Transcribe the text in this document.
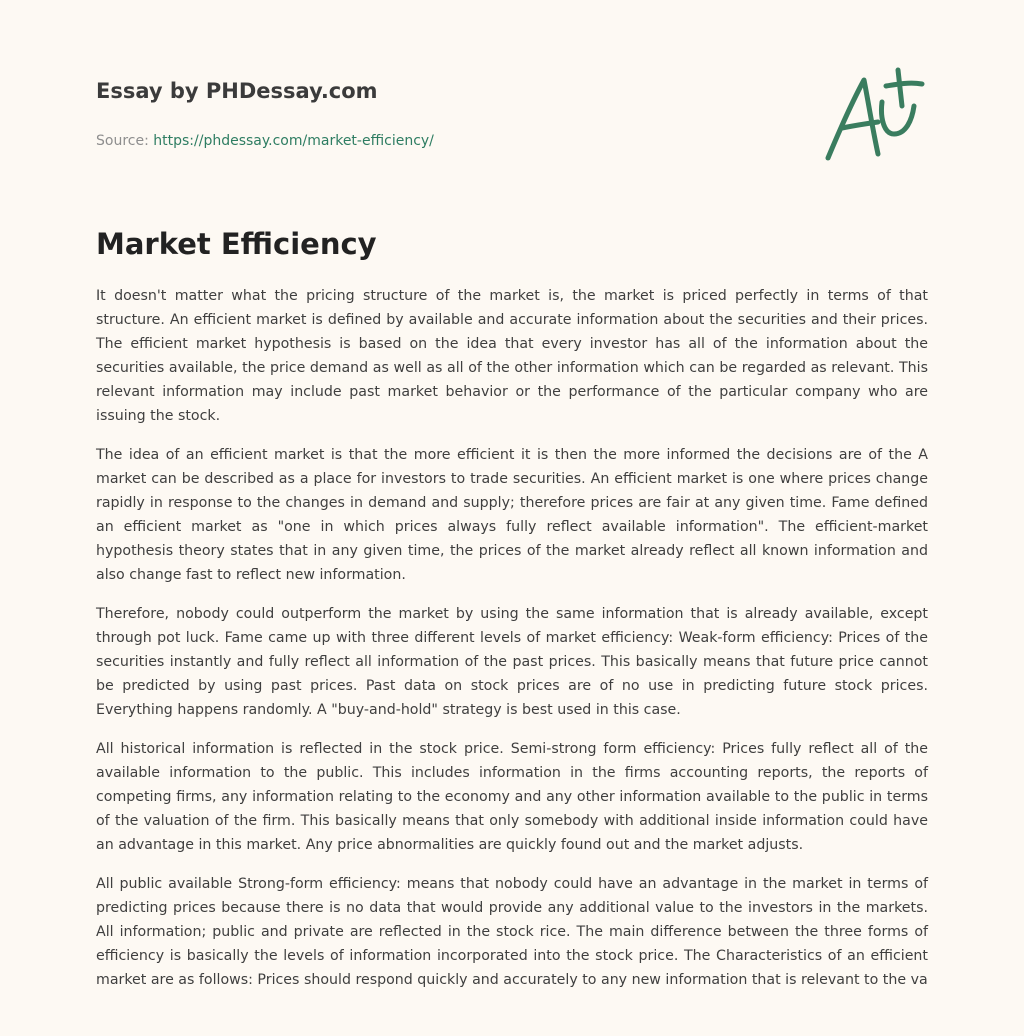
Essay by PHDessay.com
Source: https://phdessay.com/market-efficiency/
Market Efficiency

It doesn't matter what the pricing structure of the market is, the market is priced perfectly in terms of that structure. An efficient market is defined by available and accurate information about the securities and their prices. The efficient market hypothesis is based on the idea that every investor has all of the information about the securities available, the price demand as well as all of the other information which can be regarded as relevant. This relevant information may include past market behavior or the performance of the particular company who are issuing the stock.

The idea of an efficient market is that the more efficient it is then the more informed the decisions are of the A market can be described as a place for investors to trade securities. An efficient market is one where prices change rapidly in response to the changes in demand and supply; therefore prices are fair at any given time. Fame defined an efficient market as "one in which prices always fully reflect available information". The efficient-market hypothesis theory states that in any given time, the prices of the market already reflect all known information and also change fast to reflect new information.

Therefore, nobody could outperform the market by using the same information that is already available, except through pot luck. Fame came up with three different levels of market efficiency: Weak-form efficiency: Prices of the securities instantly and fully reflect all information of the past prices. This basically means that future price cannot be predicted by using past prices. Past data on stock prices are of no use in predicting future stock prices. Everything happens randomly. A "buy-and-hold" strategy is best used in this case.

All historical information is reflected in the stock price. Semi-strong form efficiency: Prices fully reflect all of the available information to the public. This includes information in the firms accounting reports, the reports of competing firms, any information relating to the economy and any other information available to the public in terms of the valuation of the firm. This basically means that only somebody with additional inside information could have an advantage in this market. Any price abnormalities are quickly found out and the market adjusts.

All public available Strong-form efficiency: means that nobody could have an advantage in the market in terms of predicting prices because there is no data that would provide any additional value to the investors in the markets. All information; public and private are reflected in the stock rice. The main difference between the three forms of efficiency is basically the levels of information incorporated into the stock price. The Characteristics of an efficient market are as follows: Prices should respond quickly and accurately to any new information that is relevant to the va
